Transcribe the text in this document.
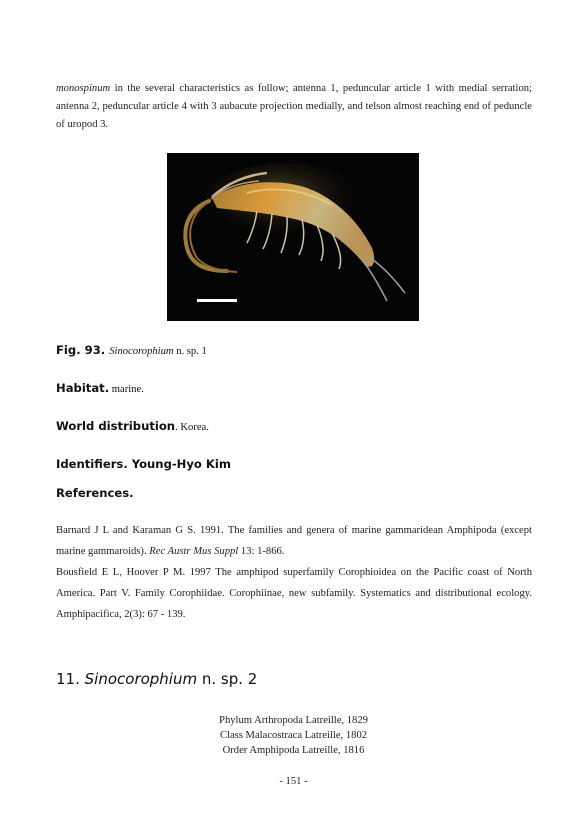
monospinum in the several characteristics as follow; antenna 1, peduncular article 1 with medial serration; antenna 2, peduncular article 4 with 3 aubacute projection medially, and telson almost reaching end of peduncle of uropod 3.
Fig. 93. Sinocorophium n. sp. 1
Habitat. marine.
World distribution. Korea.
Identifiers. Young-Hyo Kim
References.
Barnard J L and Karaman G S. 1991. The families and genera of marine gammaridean Amphipoda (except marine gammaroids). Rec Austr Mus Suppl 13: 1-866.
Bousfield E L, Hoover P M. 1997 The amphipod superfamily Corophioidea on the Pacific coast of North America. Part V. Family Corophiidae. Corophiinae, new subfamily. Systematics and distributional ecology. Amphipacifica, 2(3): 67 - 139.
11. Sinocorophium n. sp. 2
Phylum Arthropoda Latreille, 1829
Class Malacostraca Latreille, 1802
Order Amphipoda Latreille, 1816
- 151 -
